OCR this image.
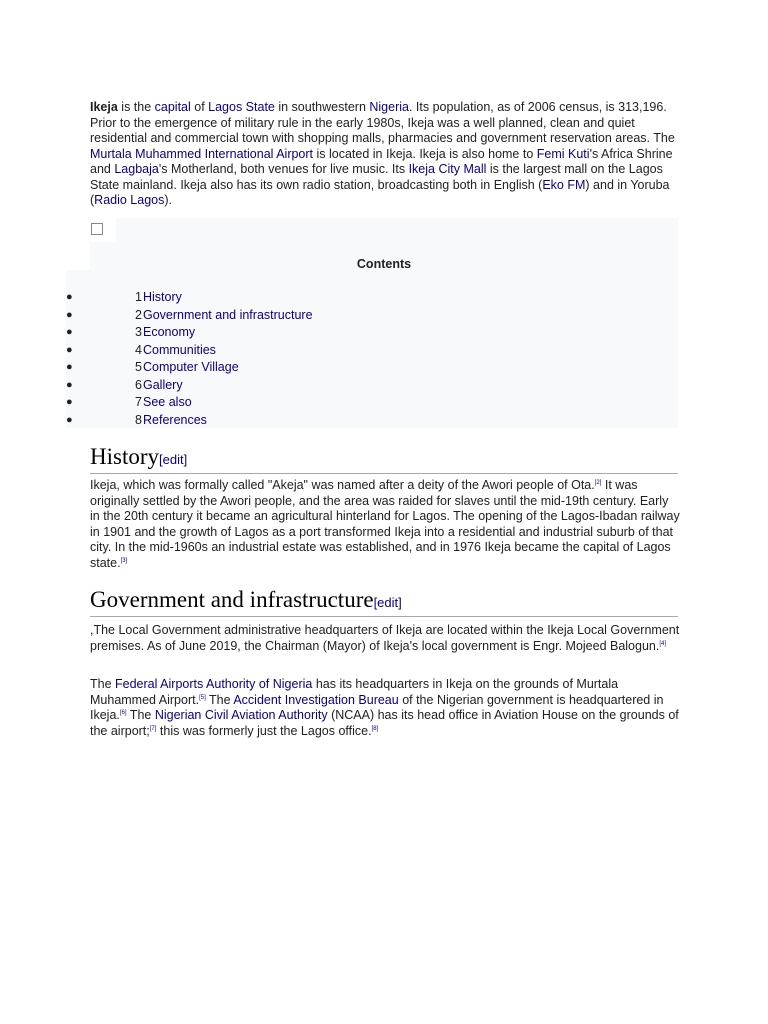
Ikeja is the capital of Lagos State in southwestern Nigeria. Its population, as of 2006 census, is 313,196. Prior to the emergence of military rule in the early 1980s, Ikeja was a well planned, clean and quiet residential and commercial town with shopping malls, pharmacies and government reservation areas. The Murtala Muhammed International Airport is located in Ikeja. Ikeja is also home to Femi Kuti's Africa Shrine and Lagbaja's Motherland, both venues for live music. Its Ikeja City Mall is the largest mall on the Lagos State mainland. Ikeja also has its own radio station, broadcasting both in English (Eko FM) and in Yoruba (Radio Lagos).

Contents
●	1 History
●	2 Government and infrastructure
●	3 Economy
●	4 Communities
●	5 Computer Village
●	6 Gallery
●	7 See also
●	8 References
History[edit]

Ikeja, which was formally called "Akeja" was named after a deity of the Awori people of Ota.[2] It was originally settled by the Awori people, and the area was raided for slaves until the mid-19th century. Early in the 20th century it became an agricultural hinterland for Lagos. The opening of the Lagos-Ibadan railway in 1901 and the growth of Lagos as a port transformed Ikeja into a residential and industrial suburb of that city. In the mid-1960s an industrial estate was established, and in 1976 Ikeja became the capital of Lagos state.[3]

Government and infrastructure[edit]

,The Local Government administrative headquarters of Ikeja are located within the Ikeja Local Government premises. As of June 2019, the Chairman (Mayor) of Ikeja's local government is Engr. Mojeed Balogun.[4]

The Federal Airports Authority of Nigeria has its headquarters in Ikeja on the grounds of Murtala Muhammed Airport.[5] The Accident Investigation Bureau of the Nigerian government is headquartered in Ikeja.[6] The Nigerian Civil Aviation Authority (NCAA) has its head office in Aviation House on the grounds of the airport;[7] this was formerly just the Lagos office.[8]
